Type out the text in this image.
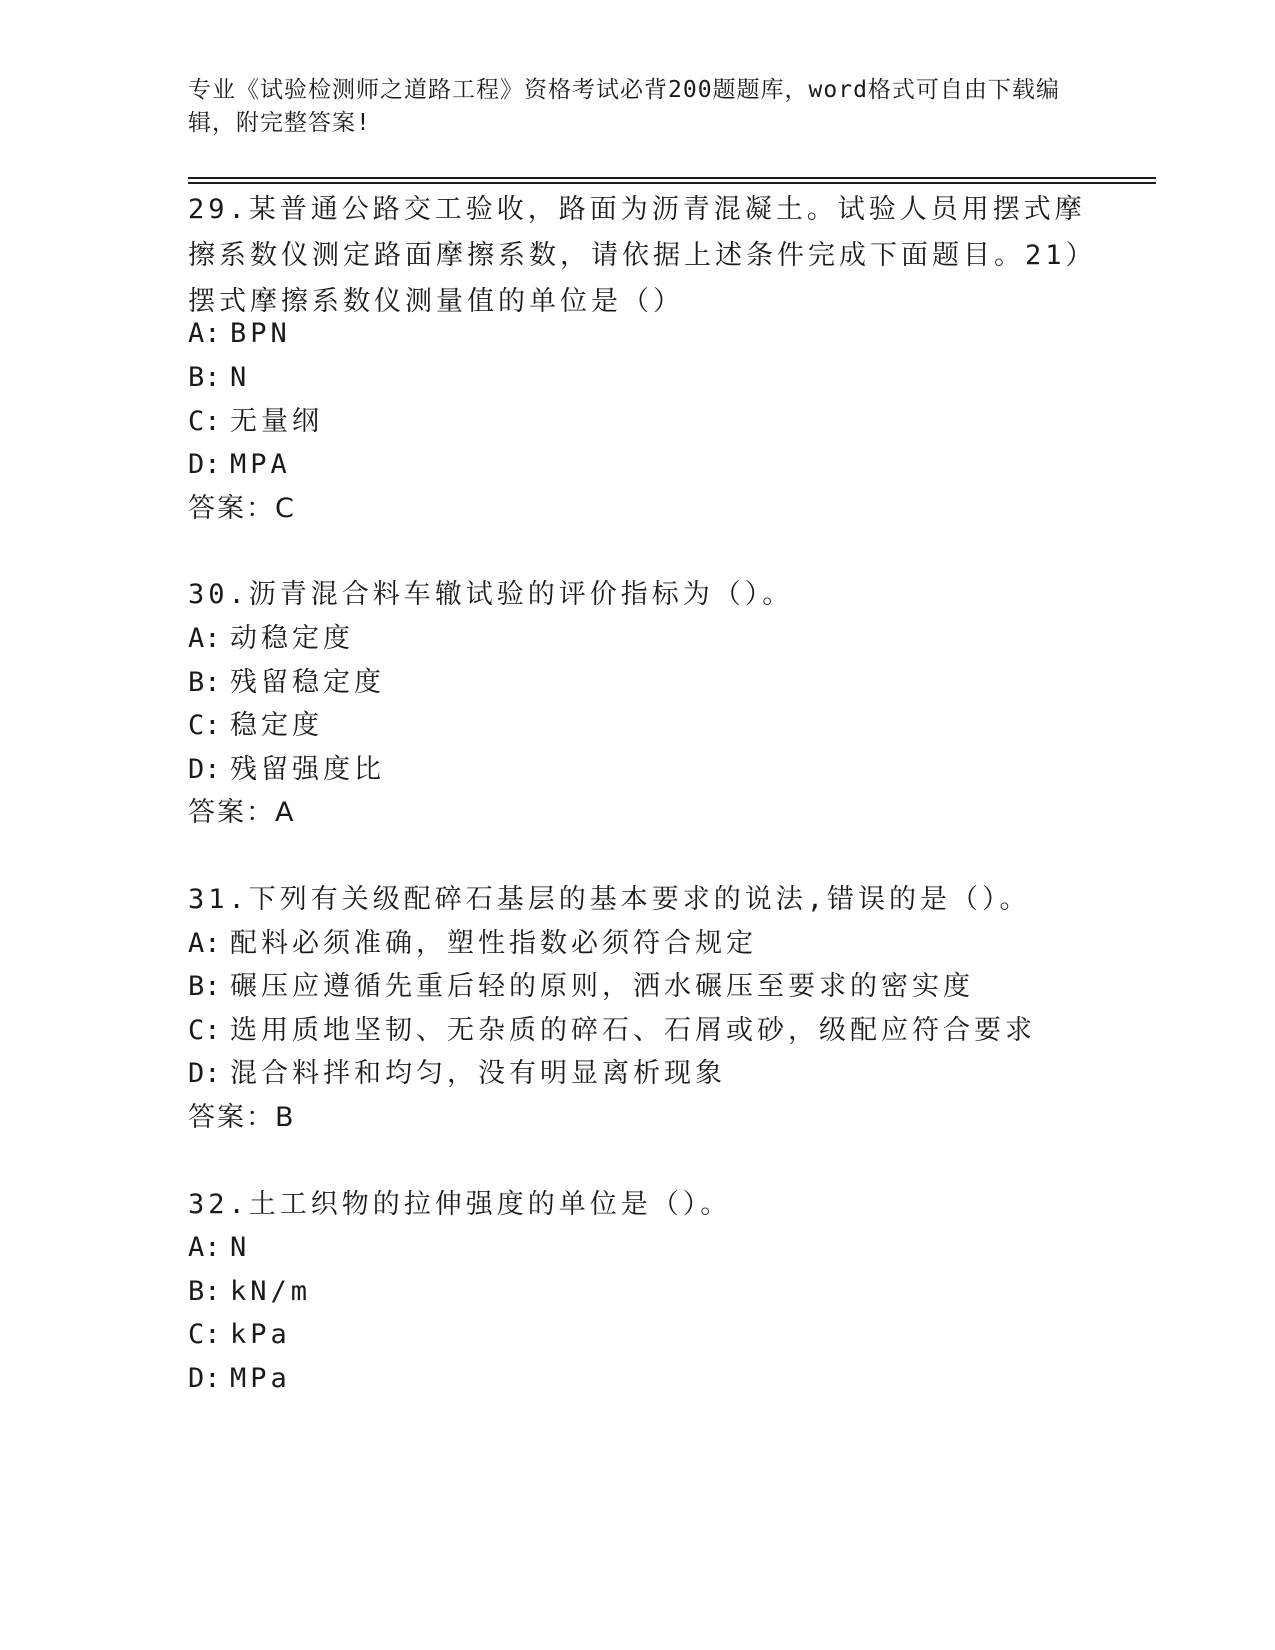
专业《试验检测师之道路工程》资格考试必背200题题库，word格式可自由下载编辑，附完整答案!
29.某普通公路交工验收，路面为沥青混凝土。试验人员用摆式摩擦系数仪测定路面摩擦系数，请依据上述条件完成下面题目。21）摆式摩擦系数仪测量值的单位是（）
A: BPN
B: N
C: 无量纲
D: MPA
答案：C
30.沥青混合料车辙试验的评价指标为（）。
A: 动稳定度
B: 残留稳定度
C: 稳定度
D: 残留强度比
答案：A
31.下列有关级配碎石基层的基本要求的说法,错误的是（）。
A: 配料必须准确，塑性指数必须符合规定
B: 碾压应遵循先重后轻的原则，洒水碾压至要求的密实度
C: 选用质地坚韧、无杂质的碎石、石屑或砂，级配应符合要求
D: 混合料拌和均匀，没有明显离析现象
答案：B
32.土工织物的拉伸强度的单位是（）。
A: N
B: kN/m
C: kPa
D: MPa
